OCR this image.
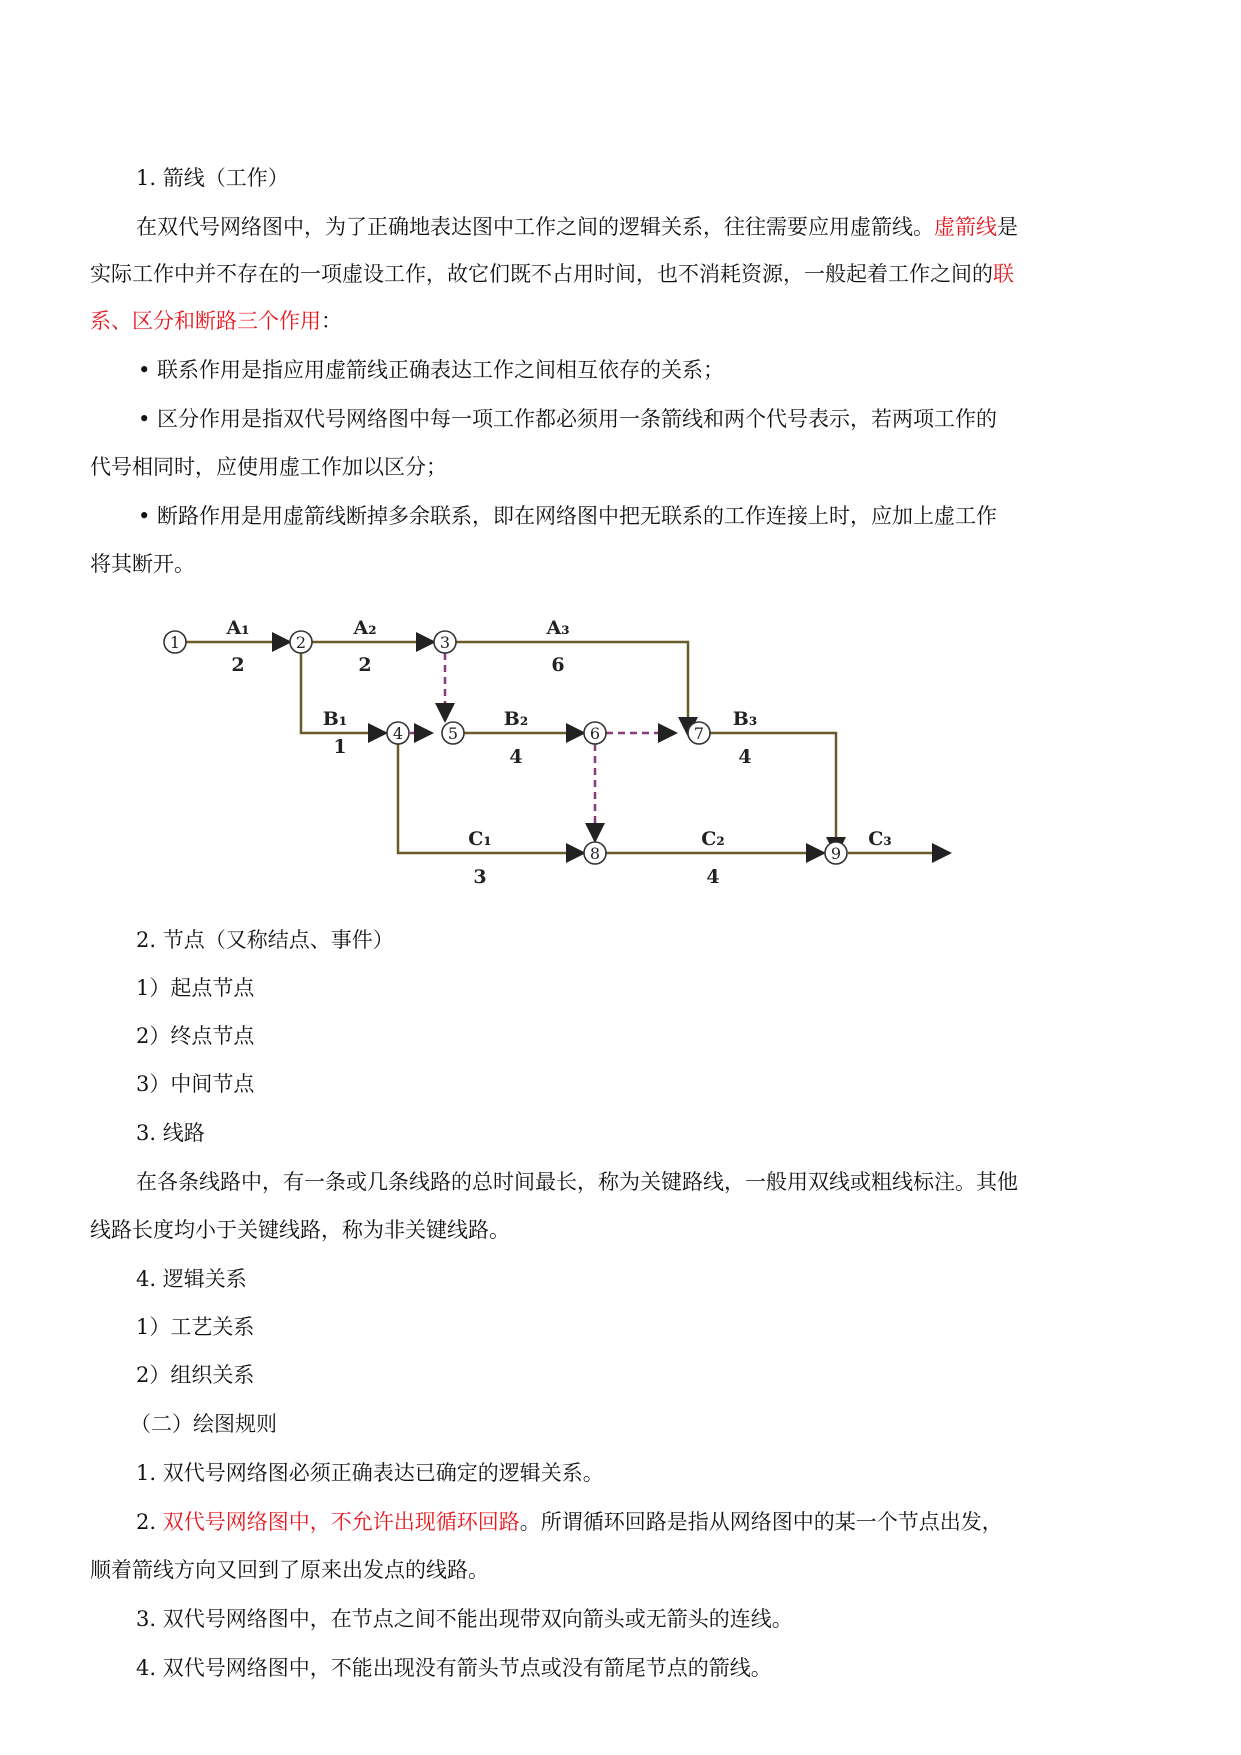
1. 箭线（工作）
在双代号网络图中，为了正确地表达图中工作之间的逻辑关系，往往需要应用虚箭线。虚箭线是
实际工作中并不存在的一项虚设工作，故它们既不占用时间，也不消耗资源，一般起着工作之间的联
系、区分和断路三个作用：
• 联系作用是指应用虚箭线正确表达工作之间相互依存的关系；
• 区分作用是指双代号网络图中每一项工作都必须用一条箭线和两个代号表示，若两项工作的
代号相同时，应使用虚工作加以区分；
• 断路作用是用虚箭线断掉多余联系，即在网络图中把无联系的工作连接上时，应加上虚工作
将其断开。
1	2	3
4	5	6	7
8	9
A₁	A₂	A₃
B₁	B₂	B₃
C₁	C₂	C₃
2	2	6
1	4	4
3	4
2. 节点（又称结点、事件）
1）起点节点
2）终点节点
3）中间节点
3. 线路
在各条线路中，有一条或几条线路的总时间最长，称为关键路线，一般用双线或粗线标注。其他
线路长度均小于关键线路，称为非关键线路。
4. 逻辑关系
1）工艺关系
2）组织关系
（二）绘图规则
1. 双代号网络图必须正确表达已确定的逻辑关系。
2. 双代号网络图中，不允许出现循环回路。所谓循环回路是指从网络图中的某一个节点出发，
顺着箭线方向又回到了原来出发点的线路。
3. 双代号网络图中，在节点之间不能出现带双向箭头或无箭头的连线。
4. 双代号网络图中，不能出现没有箭头节点或没有箭尾节点的箭线。
